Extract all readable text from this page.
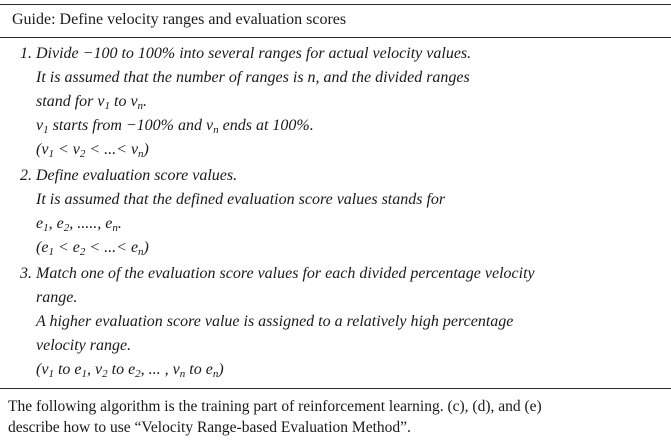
Guide: Define velocity ranges and evaluation scores
1. Divide −100 to 100% into several ranges for actual velocity values.
It is assumed that the number of ranges is n, and the divided ranges
stand for $v_1$ to $v_n$.
$v_1$ starts from −100% and $v_n$ ends at 100%.
($v_1 < v_2$ < ...< $v_n$)
2. Define evaluation score values.
It is assumed that the defined evaluation score values stands for
$e_1$, $e_2$, ....., $e_n$.
($e_1 < e_2$ < ...< $e_n$)
3. Match one of the evaluation score values for each divided percentage velocity
range.
A higher evaluation score value is assigned to a relatively high percentage
velocity range.
($v_1$ to $e_1$, $v_2$ to $e_2$, ... , $v_n$ to $e_n$)
The following algorithm is the training part of reinforcement learning. (c), (d), and (e)
describe how to use “Velocity Range-based Evaluation Method”.
